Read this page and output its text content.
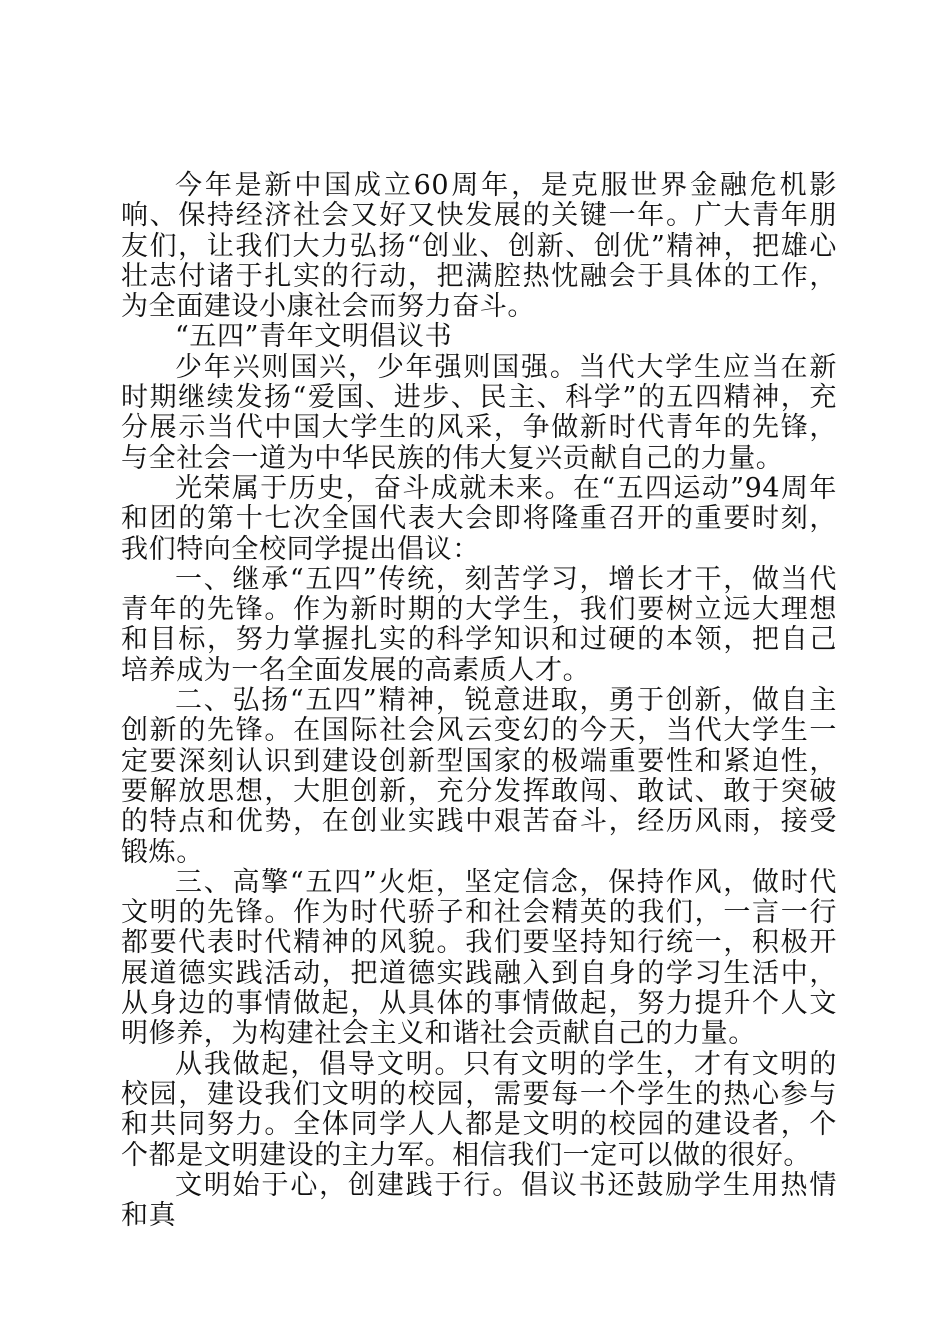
今年是新中国成立60周年，是克服世界金融危机影响、保持经济社会又好又快发展的关键一年。广大青年朋友们，让我们大力弘扬“创业、创新、创优”精神，把雄心壮志付诸于扎实的行动，把满腔热忱融会于具体的工作，为全面建设小康社会而努力奋斗。

“五四”青年文明倡议书

少年兴则国兴，少年强则国强。当代大学生应当在新时期继续发扬“爱国、进步、民主、科学”的五四精神，充分展示当代中国大学生的风采，争做新时代青年的先锋，与全社会一道为中华民族的伟大复兴贡献自己的力量。

光荣属于历史，奋斗成就未来。在“五四运动”94周年和团的第十七次全国代表大会即将隆重召开的重要时刻，我们特向全校同学提出倡议：

一、继承“五四”传统，刻苦学习，增长才干，做当代青年的先锋。作为新时期的大学生，我们要树立远大理想和目标，努力掌握扎实的科学知识和过硬的本领，把自己培养成为一名全面发展的高素质人才。

二、弘扬“五四”精神，锐意进取，勇于创新，做自主创新的先锋。在国际社会风云变幻的今天，当代大学生一定要深刻认识到建设创新型国家的极端重要性和紧迫性，要解放思想，大胆创新，充分发挥敢闯、敢试、敢于突破的特点和优势，在创业实践中艰苦奋斗，经历风雨，接受锻炼。

三、高擎“五四”火炬，坚定信念，保持作风，做时代文明的先锋。作为时代骄子和社会精英的我们，一言一行都要代表时代精神的风貌。我们要坚持知行统一，积极开展道德实践活动，把道德实践融入到自身的学习生活中，从身边的事情做起，从具体的事情做起，努力提升个人文明修养，为构建社会主义和谐社会贡献自己的力量。

从我做起，倡导文明。只有文明的学生，才有文明的校园，建设我们文明的校园，需要每一个学生的热心参与和共同努力。全体同学人人都是文明的校园的建设者，个个都是文明建设的主力军。相信我们一定可以做的很好。

文明始于心，创建践于行。倡议书还鼓励学生用热情和真
